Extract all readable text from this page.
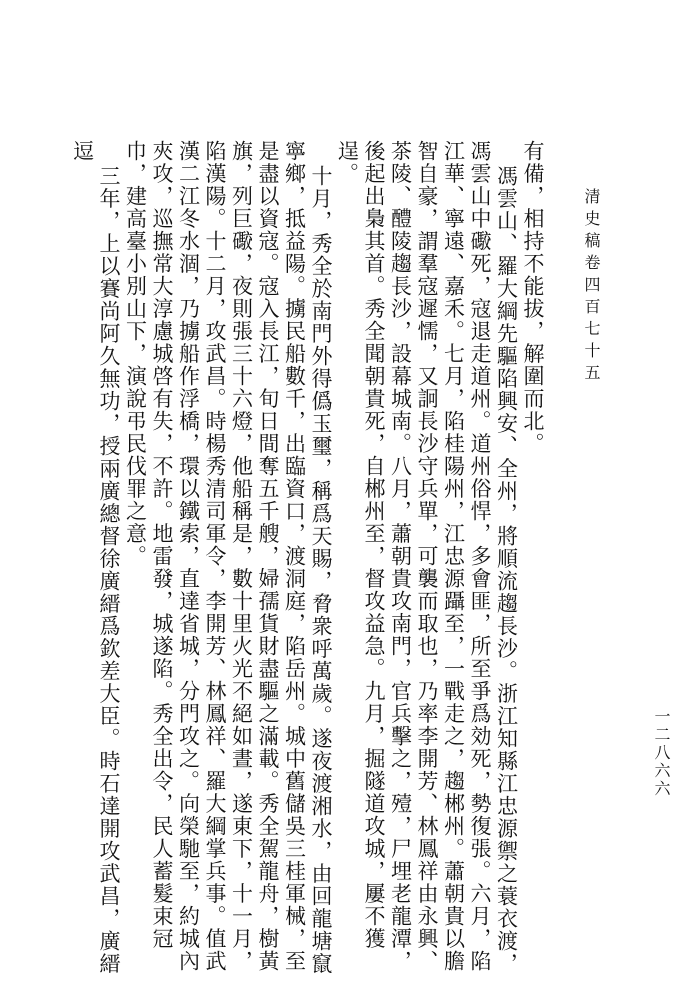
清史稿卷四百七十五
一二八六六

有備，相持不能拔，解圍而北。

馮雲山、羅大綱先驅陷興安、全州，將順流趨長沙。浙江知縣江忠源禦之蓑衣渡，馮雲山中礮死，寇退走道州。道州俗悍，多會匪，所至爭爲効死，勢復張。六月，陷江華、寧遠、嘉禾。七月，陷桂陽州，江忠源躡至，一戰走之，趨郴州。蕭朝貴以膽智自豪，謂羣寇遲懦，又詗長沙守兵單，可襲而取也，乃率李開芳、林鳳祥由永興、茶陵、醴陵趨長沙，設幕城南。八月，蕭朝貴攻南門，官兵擊之，殪，尸埋老龍潭，後起出梟其首。秀全聞朝貴死，自郴州至，督攻益急。九月，掘隧道攻城，屢不獲逞。

十月，秀全於南門外得僞玉璽，稱爲天賜，脅衆呼萬歲。遂夜渡湘水，由回龍塘竄寧鄉，抵益陽。擄民船數千，出臨資口，渡洞庭，陷岳州。城中舊儲吳三桂軍械，至是盡以資寇。寇入長江，旬日間奪五千艘，婦孺貨財盡驅之滿載。秀全駕龍舟，樹黃旗，列巨礮，夜則張三十六燈，他船稱是，數十里火光不絕如晝，遂東下，十一月，陷漢陽。十二月，攻武昌。時楊秀清司軍令，李開芳、林鳳祥、羅大綱掌兵事。值武漢二江冬水涸，乃擄船作浮橋，環以鐵索，直達省城，分門攻之。向榮馳至，約城內夾攻，巡撫常大淳慮城啓有失，不許。地雷發，城遂陷。秀全出令，民人蓄髮束冠巾，建高臺小別山下，演說弔民伐罪之意。

三年，上以賽尚阿久無功，授兩廣總督徐廣縉爲欽差大臣。時石達開攻武昌，廣縉逗
